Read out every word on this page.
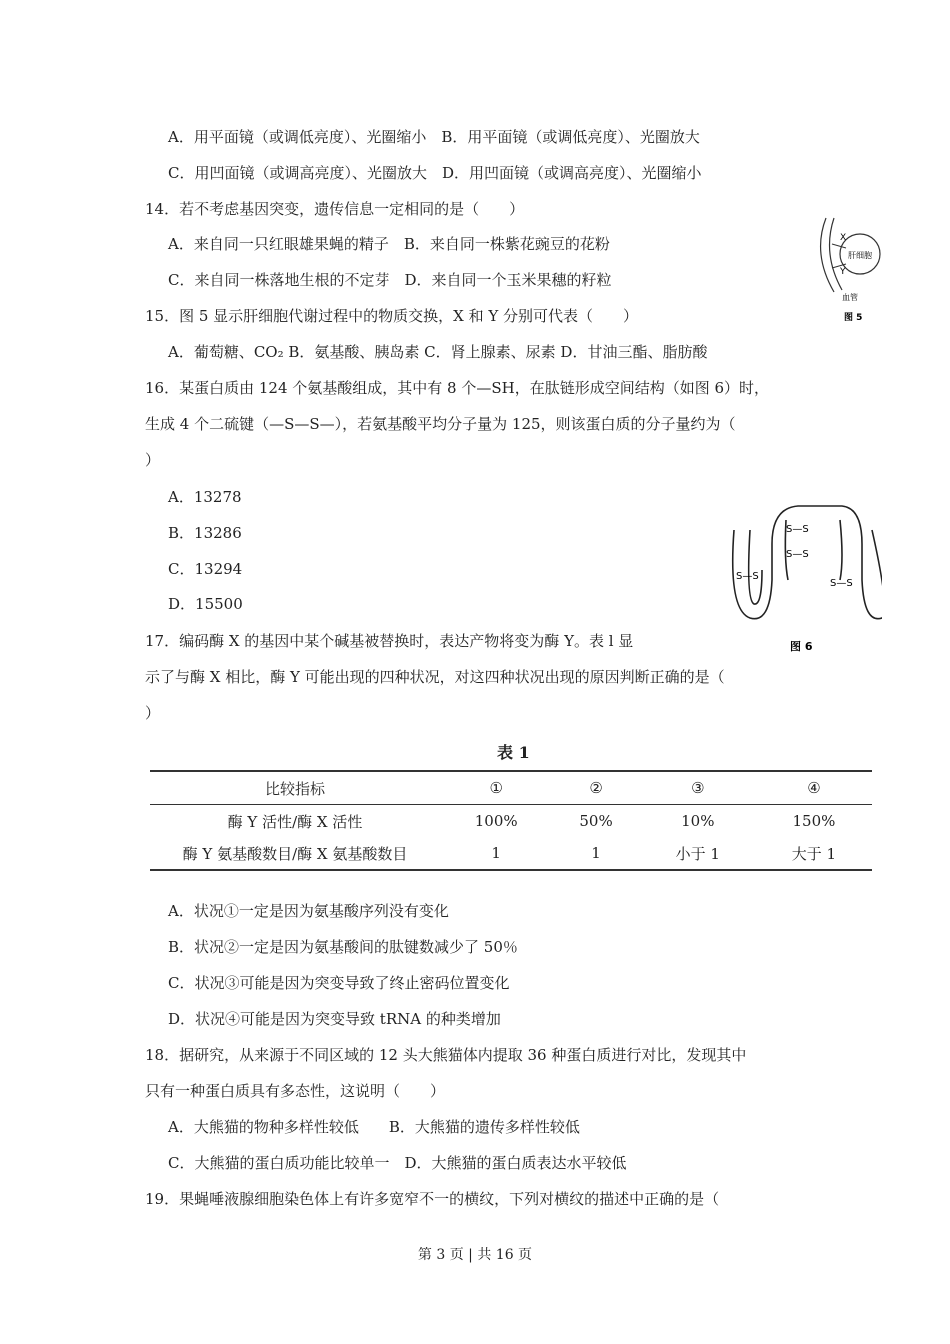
A．用平面镜（或调低亮度）、光圈缩小　B．用平面镜（或调低亮度）、光圈放大
C．用凹面镜（或调高亮度）、光圈放大　D．用凹面镜（或调高亮度）、光圈缩小
14．若不考虑基因突变，遗传信息一定相同的是（　　）
A．来自同一只红眼雄果蝇的精子　B．来自同一株紫花豌豆的花粉
C．来自同一株落地生根的不定芽　D．来自同一个玉米果穗的籽粒
15．图 5 显示肝细胞代谢过程中的物质交换，X 和 Y 分别可代表（　　）
A．葡萄糖、CO₂ B．氨基酸、胰岛素 C．肾上腺素、尿素 D．甘油三酯、脂肪酸
X
Y
肝细胞
血管
图 5
16．某蛋白质由 124 个氨基酸组成，其中有 8 个—SH，在肽链形成空间结构（如图 6）时，
生成 4 个二硫键（—S—S—），若氨基酸平均分子量为 125，则该蛋白质的分子量约为（
）
A．13278
B．13286
C．13294
D．15500
S—S
S—S
S—S
S—S
图 6
17．编码酶 X 的基因中某个碱基被替换时，表达产物将变为酶 Y。表 l 显
示了与酶 X 相比，酶 Y 可能出现的四种状况，对这四种状况出现的原因判断正确的是（
）
表 1
比较指标	①	②	③	④
酶 Y 活性/酶 X 活性	100%	50%	10%	150%
酶 Y 氨基酸数目/酶 X 氨基酸数目	1	1	小于 1	大于 1
A．状况①一定是因为氨基酸序列没有变化
B．状况②一定是因为氨基酸间的肽键数减少了 50％
C．状况③可能是因为突变导致了终止密码位置变化
D．状况④可能是因为突变导致 tRNA 的种类增加
18．据研究，从来源于不同区域的 12 头大熊猫体内提取 36 种蛋白质进行对比，发现其中
只有一种蛋白质具有多态性，这说明（　　）
A．大熊猫的物种多样性较低　　B．大熊猫的遗传多样性较低
C．大熊猫的蛋白质功能比较单一　D．大熊猫的蛋白质表达水平较低
19．果蝇唾液腺细胞染色体上有许多宽窄不一的横纹，下列对横纹的描述中正确的是（
第 3 页 | 共 16 页
